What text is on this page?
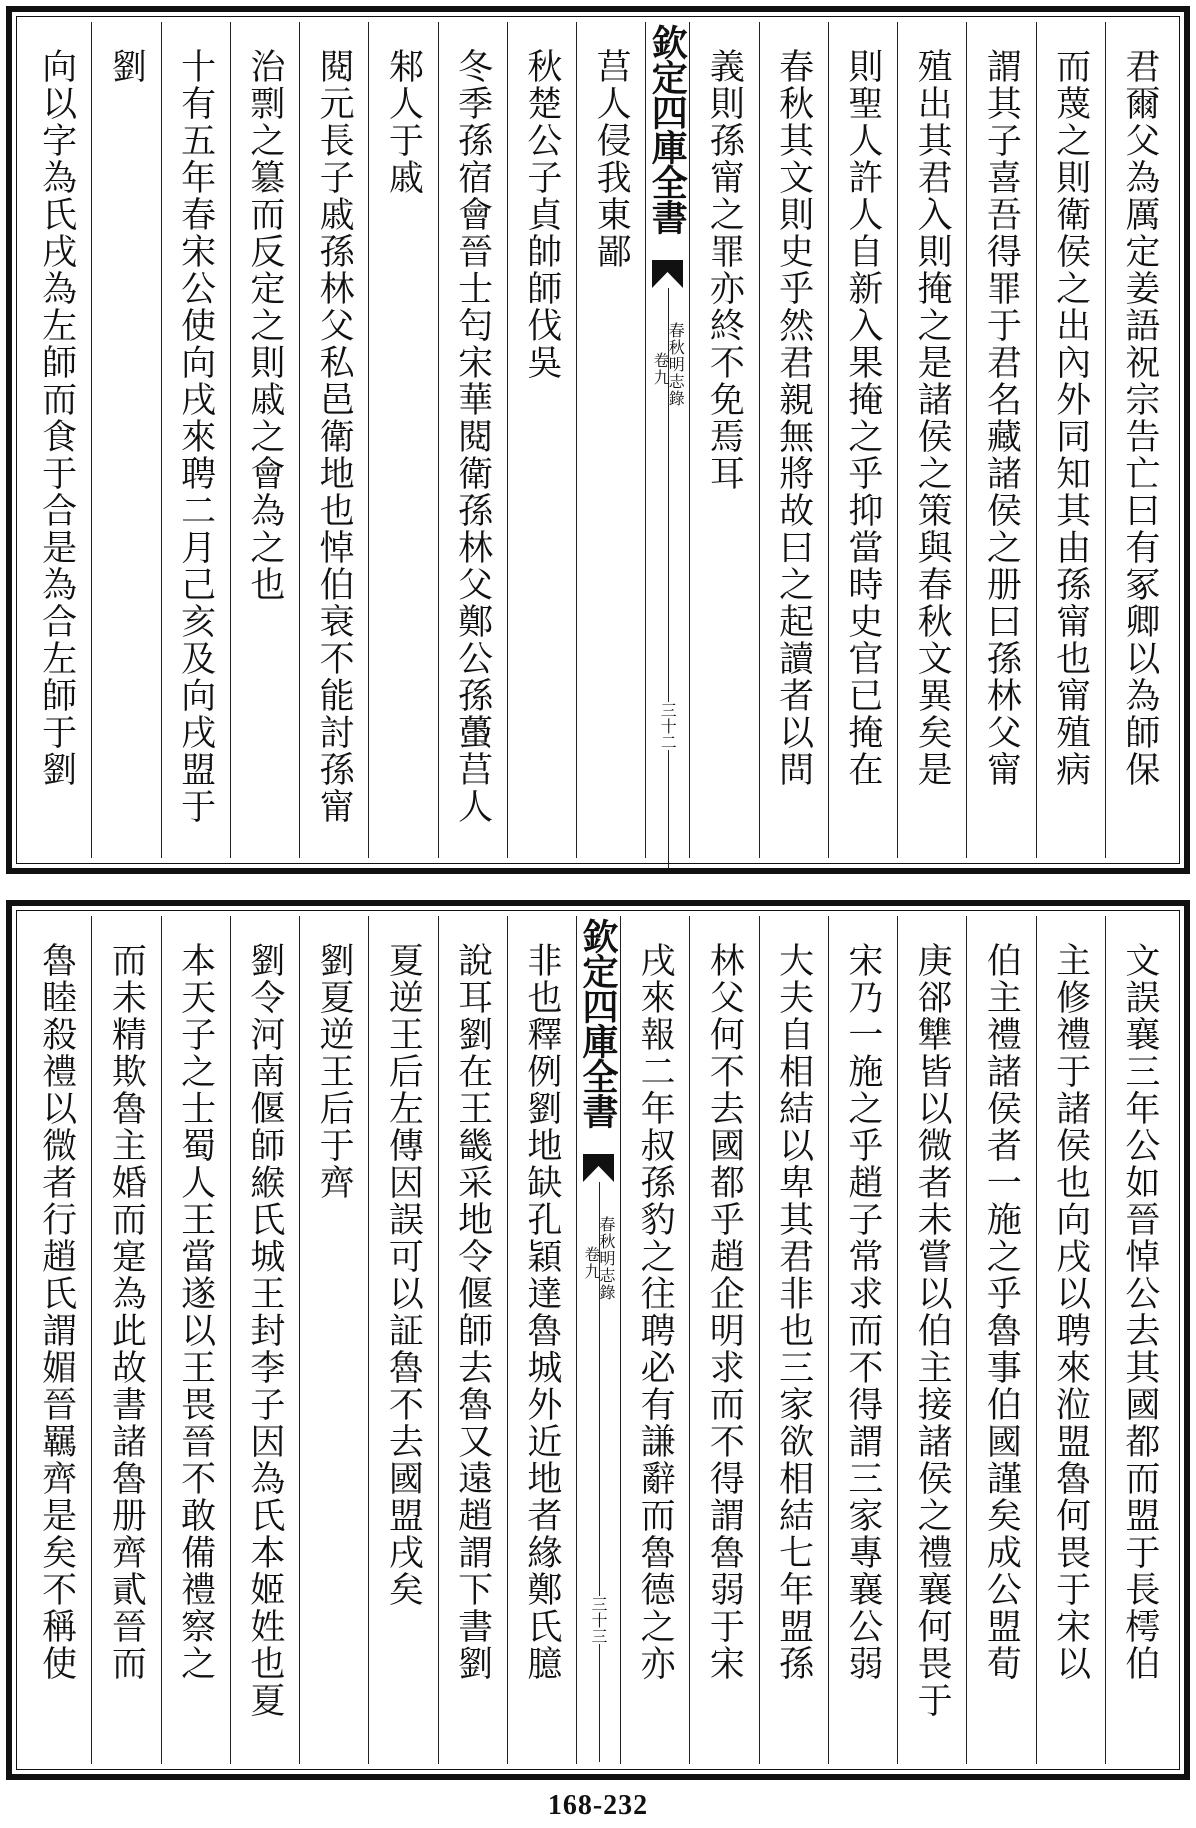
君爾父為厲定姜語祝宗告亡曰有冢卿以為師保
而蔑之則衛侯之出內外同知其由孫甯也甯殖病
謂其子喜吾得罪于君名藏諸侯之册曰孫林父甯
殖出其君入則掩之是諸侯之策與春秋文異矣是
則聖人許人自新入果掩之乎抑當時史官已掩在
春秋其文則史乎然君親無將故曰之起讀者以問
義則孫甯之罪亦終不免焉耳
欽定四庫全書
春秋明志錄
卷九
三十二
莒人侵我東鄙
秋楚公子貞帥師伐吳
冬季孫宿會晉士匄宋華閱衛孫林父鄭公孫蠆莒人
邾人于戚
閱元長子戚孫林父私邑衛地也悼伯衰不能討孫甯
治剽之簒而反定之則戚之會為之也
十有五年春宋公使向戌來聘二月己亥及向戌盟于
劉
向以字為氏戌為左師而食于合是為合左師于劉
文誤襄三年公如晉悼公去其國都而盟于長樗伯
主修禮于諸侯也向戌以聘來涖盟魯何畏于宋以
伯主禮諸侯者一施之乎魯事伯國謹矣成公盟荀
庚郤犨皆以微者未嘗以伯主接諸侯之禮襄何畏于
宋乃一施之乎趙子常求而不得謂三家專襄公弱
大夫自相結以卑其君非也三家欲相結七年盟孫
林父何不去國都乎趙企明求而不得謂魯弱于宋
戌來報二年叔孫豹之往聘必有謙辭而魯德之亦
欽定四庫全書
春秋明志錄
卷九
三十三
非也釋例劉地缺孔穎達魯城外近地者緣鄭氏臆
說耳劉在王畿采地令偃師去魯又遠趙謂下書劉
夏逆王后左傳因誤可以証魯不去國盟戌矣
劉夏逆王后于齊
劉令河南偃師緱氏城王封李子因為氏本姬姓也夏
本天子之士蜀人王當遂以王畏晉不敢備禮察之
而未精欺魯主婚而寔為此故書諸魯册齊貳晉而
魯睦殺禮以微者行趙氏謂媚晉羈齊是矣不稱使
168-232
